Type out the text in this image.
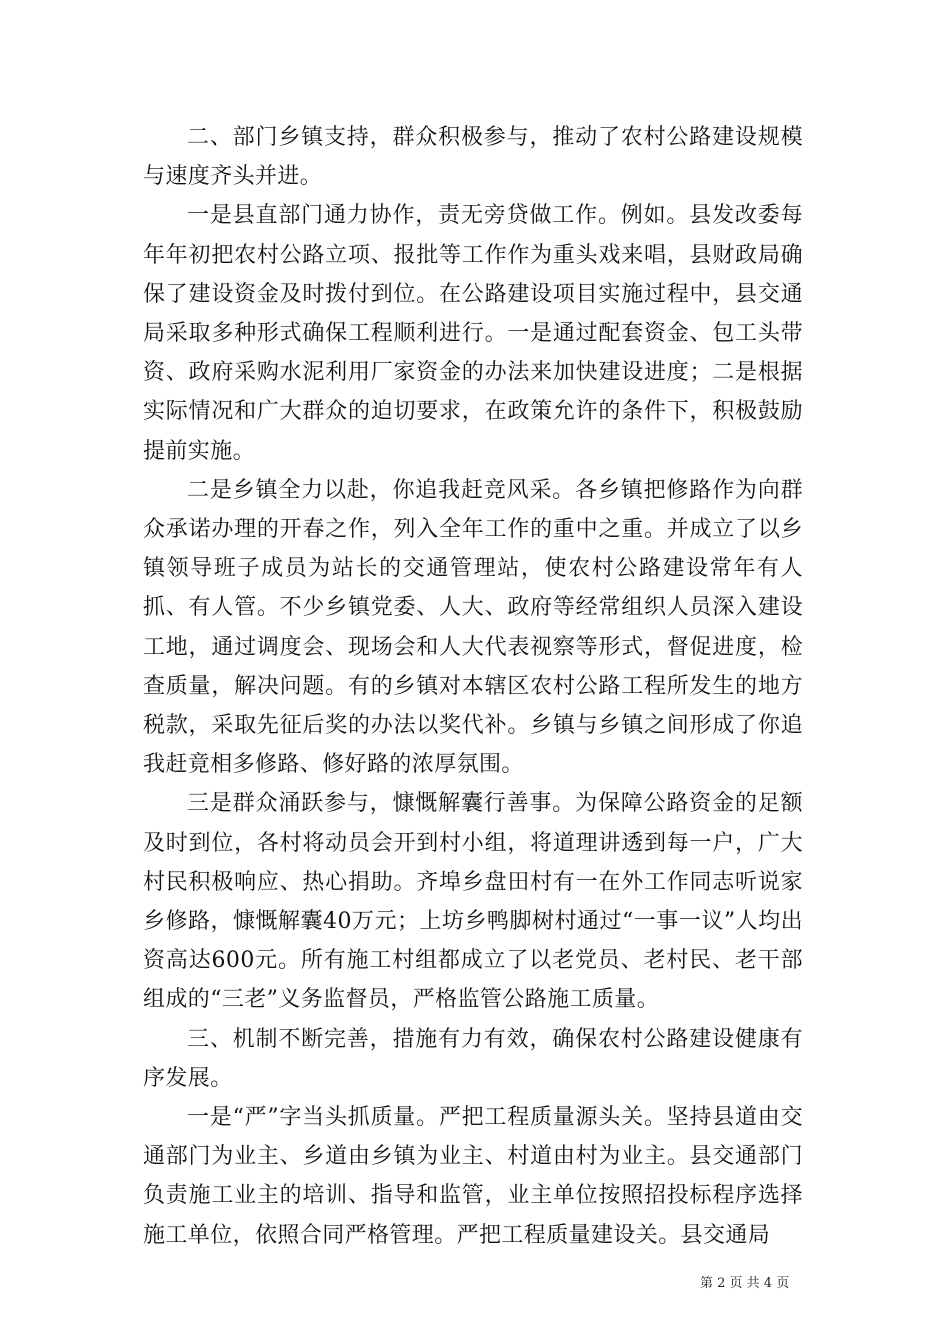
二、部门乡镇支持，群众积极参与，推动了农村公路建设规模与速度齐头并进。

一是县直部门通力协作，责无旁贷做工作。例如。县发改委每年年初把农村公路立项、报批等工作作为重头戏来唱，县财政局确保了建设资金及时拨付到位。在公路建设项目实施过程中，县交通局采取多种形式确保工程顺利进行。一是通过配套资金、包工头带资、政府采购水泥利用厂家资金的办法来加快建设进度；二是根据实际情况和广大群众的迫切要求，在政策允许的条件下，积极鼓励提前实施。

二是乡镇全力以赴，你追我赶竞风采。各乡镇把修路作为向群众承诺办理的开春之作，列入全年工作的重中之重。并成立了以乡镇领导班子成员为站长的交通管理站，使农村公路建设常年有人抓、有人管。不少乡镇党委、人大、政府等经常组织人员深入建设工地，通过调度会、现场会和人大代表视察等形式，督促进度，检查质量，解决问题。有的乡镇对本辖区农村公路工程所发生的地方税款，采取先征后奖的办法以奖代补。乡镇与乡镇之间形成了你追我赶竟相多修路、修好路的浓厚氛围。

三是群众涌跃参与，慷慨解囊行善事。为保障公路资金的足额及时到位，各村将动员会开到村小组，将道理讲透到每一户，广大村民积极响应、热心捐助。齐埠乡盘田村有一在外工作同志听说家乡修路，慷慨解囊40万元；上坊乡鸭脚树村通过“一事一议”人均出资高达600元。所有施工村组都成立了以老党员、老村民、老干部组成的“三老”义务监督员，严格监管公路施工质量。

三、机制不断完善，措施有力有效，确保农村公路建设健康有序发展。

一是“严”字当头抓质量。严把工程质量源头关。坚持县道由交通部门为业主、乡道由乡镇为业主、村道由村为业主。县交通部门负责施工业主的培训、指导和监管，业主单位按照招投标程序选择施工单位，依照合同严格管理。严把工程质量建设关。县交通局

第 2 页 共 4 页
